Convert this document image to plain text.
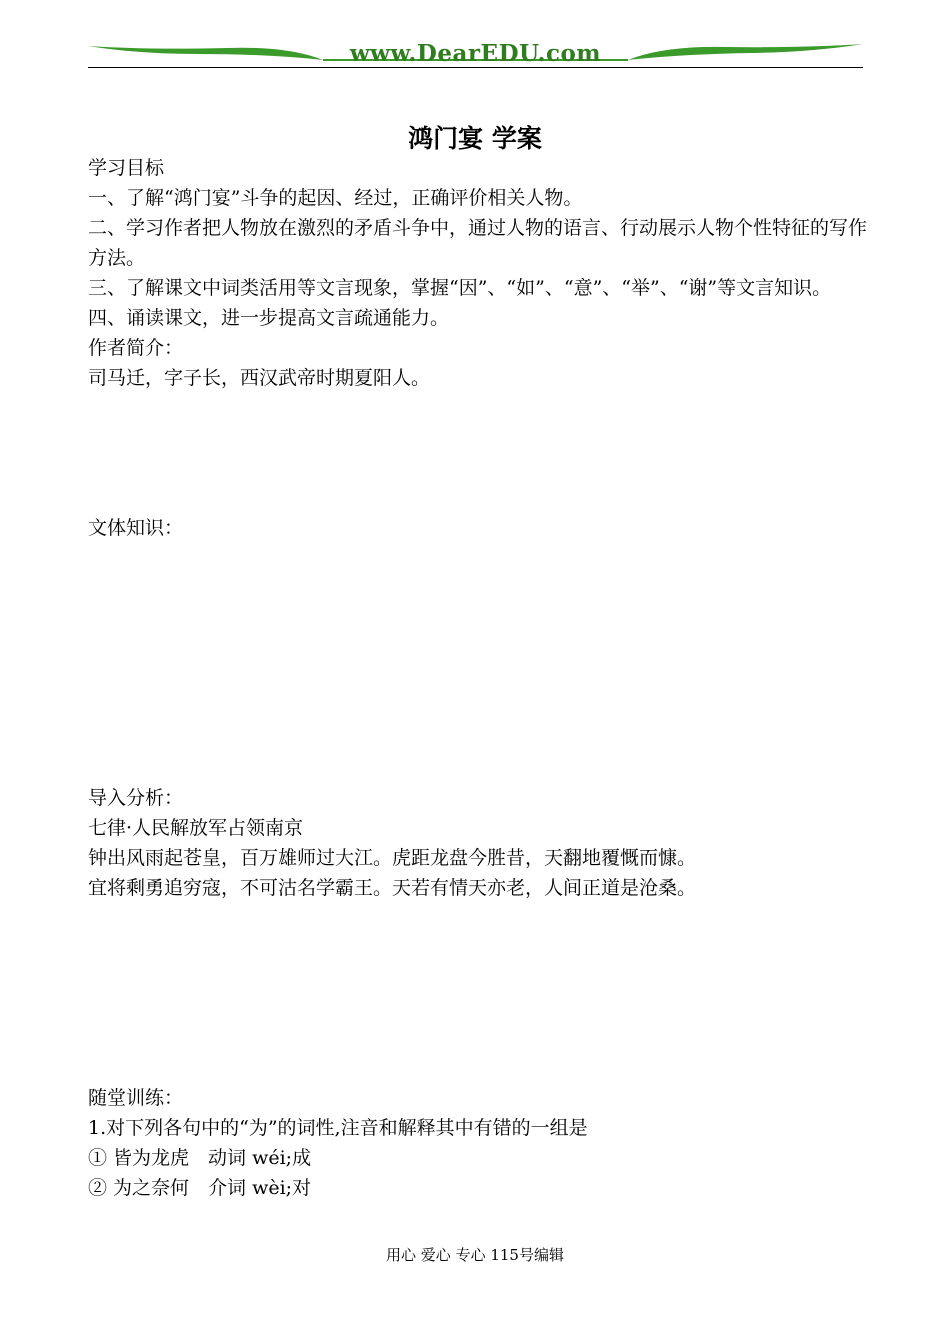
www.DearEDU.com
鸿门宴 学案
学习目标
一、了解“鸿门宴”斗争的起因、经过，正确评价相关人物。
二、学习作者把人物放在激烈的矛盾斗争中，通过人物的语言、行动展示人物个性特征的写作方法。
三、了解课文中词类活用等文言现象，掌握“因”、“如”、“意”、“举”、“谢”等文言知识。
四、诵读课文，进一步提高文言疏通能力。
作者简介：
司马迁，字子长，西汉武帝时期夏阳人。
文体知识：
导入分析：
七律·人民解放军占领南京
钟出风雨起苍皇，百万雄师过大江。虎距龙盘今胜昔，天翻地覆慨而慷。
宜将剩勇追穷寇，不可沽名学霸王。天若有情天亦老，人间正道是沧桑。
随堂训练：
1.对下列各句中的“为”的词性,注音和解释其中有错的一组是
① 皆为龙虎　动词 wéi;成
② 为之奈何　介词 wèi;对
用心 爱心 专心 115号编辑
